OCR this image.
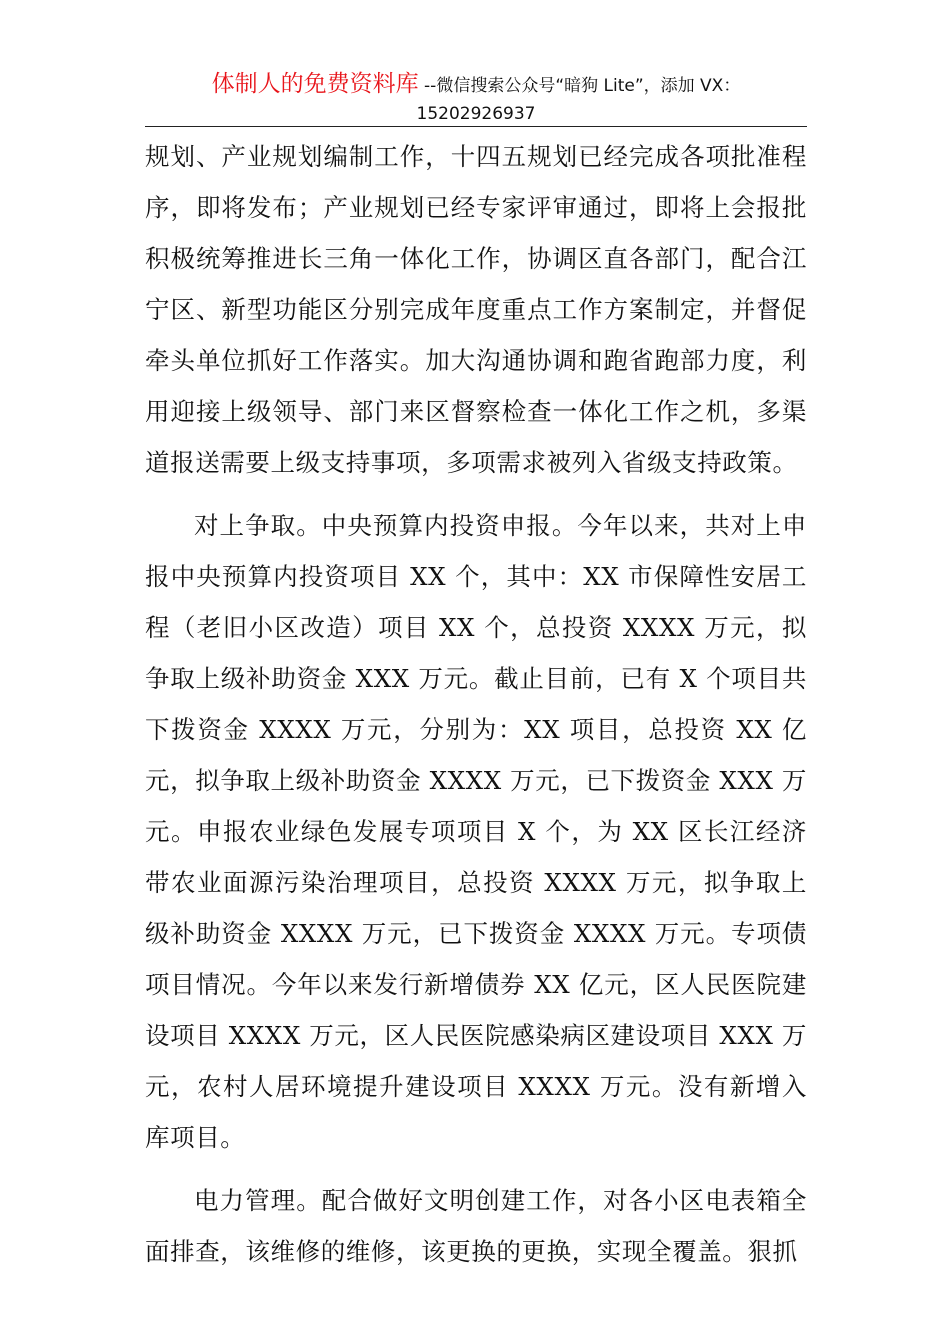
体制人的免费资料库 --微信搜索公众号“暗狗 Lite”，添加 VX：
15202926937

规划、产业规划编制工作，十四五规划已经完成各项批准程序，即将发布；产业规划已经专家评审通过，即将上会报批积极统筹推进长三角一体化工作，协调区直各部门，配合江宁区、新型功能区分别完成年度重点工作方案制定，并督促牵头单位抓好工作落实。加大沟通协调和跑省跑部力度，利用迎接上级领导、部门来区督察检查一体化工作之机，多渠道报送需要上级支持事项，多项需求被列入省级支持政策。

对上争取。中央预算内投资申报。今年以来，共对上申报中央预算内投资项目 XX 个，其中：XX 市保障性安居工程（老旧小区改造）项目 XX 个，总投资 XXXX 万元，拟争取上级补助资金 XXX 万元。截止目前，已有 X 个项目共下拨资金 XXXX 万元，分别为：XX 项目，总投资 XX 亿元，拟争取上级补助资金 XXXX 万元，已下拨资金 XXX 万元。申报农业绿色发展专项项目 X 个，为 XX 区长江经济带农业面源污染治理项目，总投资 XXXX 万元，拟争取上级补助资金 XXXX 万元，已下拨资金 XXXX 万元。专项债项目情况。今年以来发行新增债券 XX 亿元，区人民医院建设项目 XXXX 万元，区人民医院感染病区建设项目 XXX 万元，农村人居环境提升建设项目 XXXX 万元。没有新增入库项目。

电力管理。配合做好文明创建工作，对各小区电表箱全面排查，该维修的维修，该更换的更换，实现全覆盖。狠抓
